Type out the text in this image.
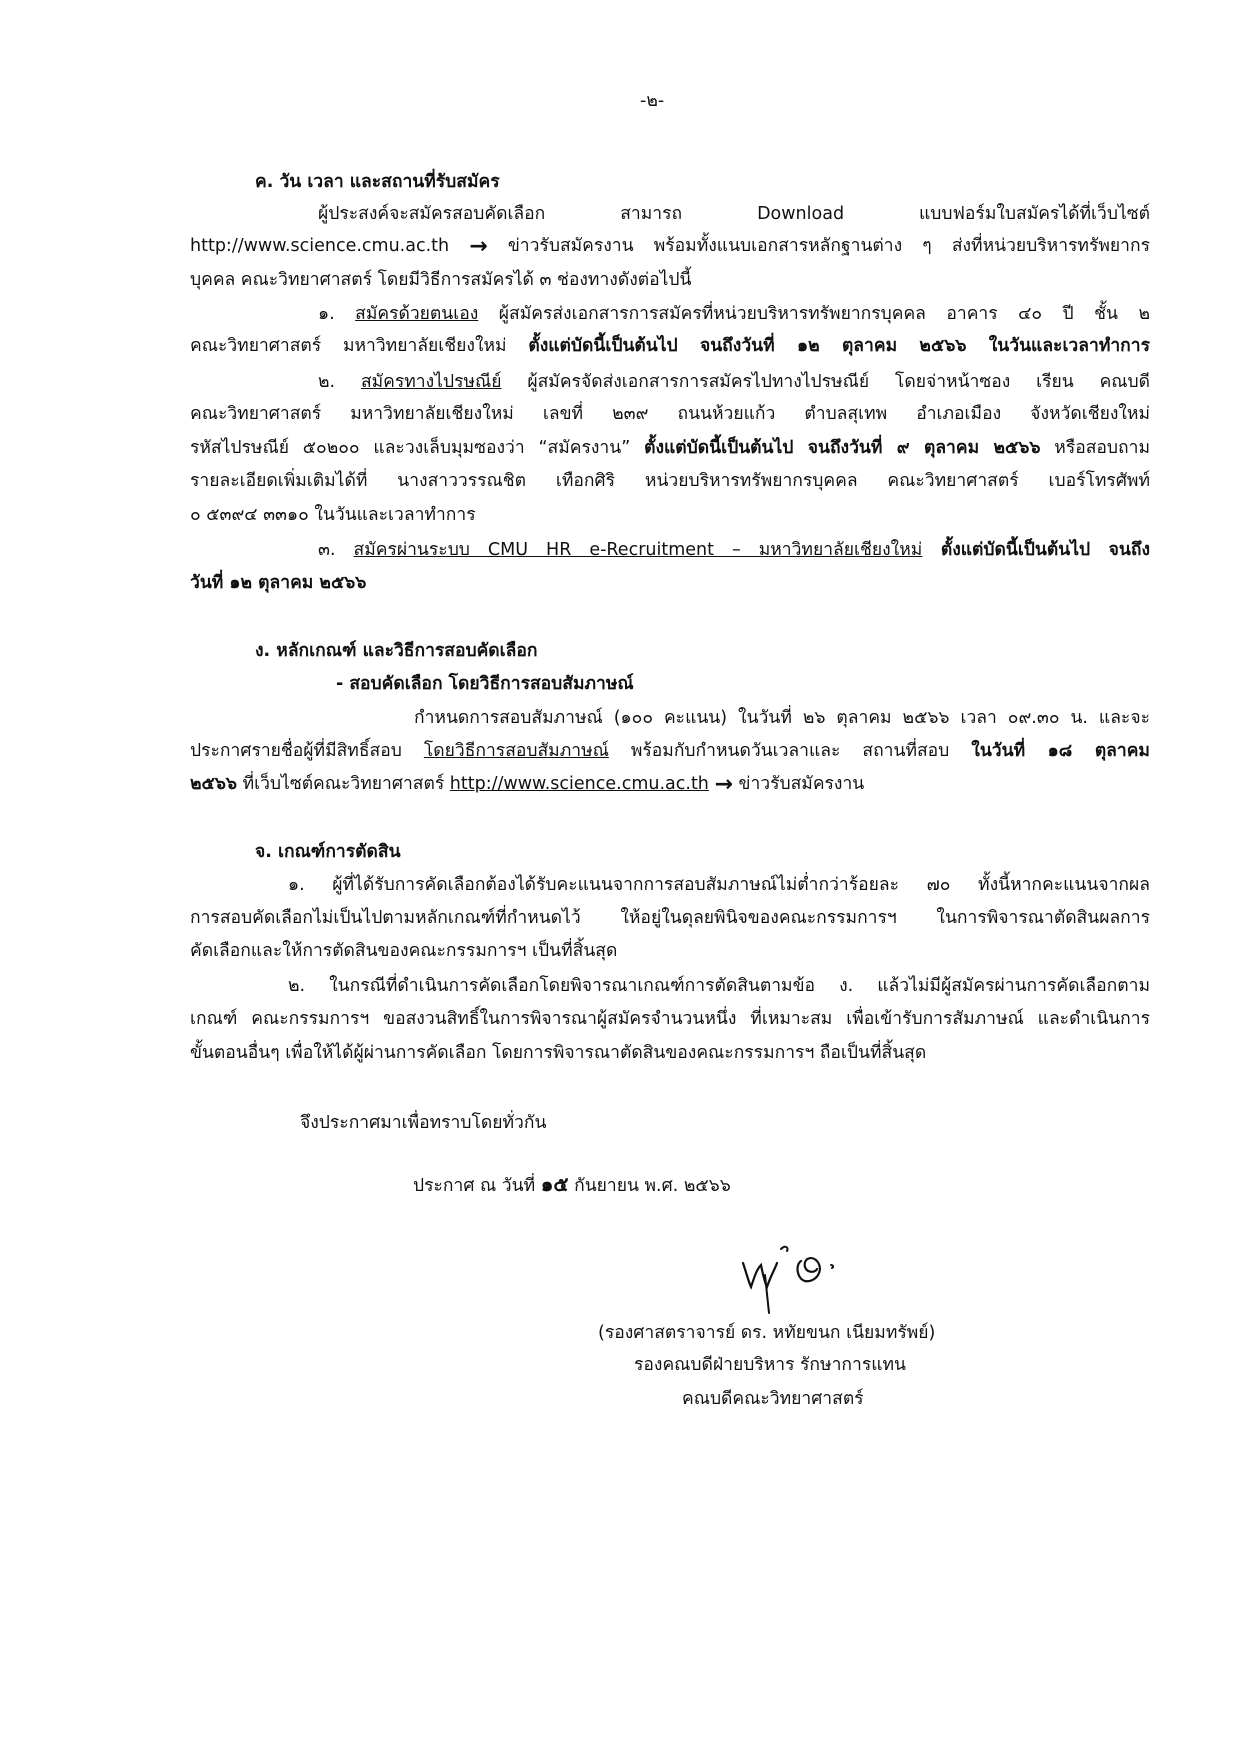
-๒-
ค. วัน เวลา และสถานที่รับสมัคร
ผู้ประสงค์จะสมัครสอบคัดเลือก สามารถ Download แบบฟอร์มใบสมัครได้ที่เว็บไซต์
http://www.science.cmu.ac.th → ข่าวรับสมัครงาน พร้อมทั้งแนบเอกสารหลักฐานต่าง ๆ ส่งที่หน่วยบริหารทรัพยากร
บุคคล คณะวิทยาศาสตร์ โดยมีวิธีการสมัครได้ ๓ ช่องทางดังต่อไปนี้
๑. สมัครด้วยตนเอง ผู้สมัครส่งเอกสารการสมัครที่หน่วยบริหารทรัพยากรบุคคล อาคาร ๔๐ ปี ชั้น ๒
คณะวิทยาศาสตร์ มหาวิทยาลัยเชียงใหม่ ตั้งแต่บัดนี้เป็นต้นไป จนถึงวันที่ ๑๒ ตุลาคม ๒๕๖๖ ในวันและเวลาทำการ
๒. สมัครทางไปรษณีย์ ผู้สมัครจัดส่งเอกสารการสมัครไปทางไปรษณีย์ โดยจ่าหน้าซอง เรียน คณบดี
คณะวิทยาศาสตร์ มหาวิทยาลัยเชียงใหม่ เลขที่ ๒๓๙ ถนนห้วยแก้ว ตำบลสุเทพ อำเภอเมือง จังหวัดเชียงใหม่
รหัสไปรษณีย์ ๕๐๒๐๐ และวงเล็บมุมซองว่า “สมัครงาน” ตั้งแต่บัดนี้เป็นต้นไป จนถึงวันที่ ๙ ตุลาคม ๒๕๖๖ หรือสอบถาม
รายละเอียดเพิ่มเติมได้ที่ นางสาววรรณชิต เทือกศิริ หน่วยบริหารทรัพยากรบุคคล คณะวิทยาศาสตร์ เบอร์โทรศัพท์
๐ ๕๓๙๔ ๓๓๑๐ ในวันและเวลาทำการ
๓. สมัครผ่านระบบ CMU HR e-Recruitment – มหาวิทยาลัยเชียงใหม่ ตั้งแต่บัดนี้เป็นต้นไป จนถึง
วันที่ ๑๒ ตุลาคม ๒๕๖๖
ง. หลักเกณฑ์ และวิธีการสอบคัดเลือก
- สอบคัดเลือก โดยวิธีการสอบสัมภาษณ์
กำหนดการสอบสัมภาษณ์ (๑๐๐ คะแนน) ในวันที่ ๒๖ ตุลาคม ๒๕๖๖ เวลา ๐๙.๓๐ น. และจะ
ประกาศรายชื่อผู้ที่มีสิทธิ์สอบ โดยวิธีการสอบสัมภาษณ์ พร้อมกับกำหนดวันเวลาและ สถานที่สอบ ในวันที่ ๑๘ ตุลาคม
๒๕๖๖ ที่เว็บไซต์คณะวิทยาศาสตร์ http://www.science.cmu.ac.th → ข่าวรับสมัครงาน
จ. เกณฑ์การตัดสิน
๑. ผู้ที่ได้รับการคัดเลือกต้องได้รับคะแนนจากการสอบสัมภาษณ์ไม่ต่ำกว่าร้อยละ ๗๐ ทั้งนี้หากคะแนนจากผล
การสอบคัดเลือกไม่เป็นไปตามหลักเกณฑ์ที่กำหนดไว้ ให้อยู่ในดุลยพินิจของคณะกรรมการฯ ในการพิจารณาตัดสินผลการ
คัดเลือกและให้การตัดสินของคณะกรรมการฯ เป็นที่สิ้นสุด
๒. ในกรณีที่ดำเนินการคัดเลือกโดยพิจารณาเกณฑ์การตัดสินตามข้อ ง. แล้วไม่มีผู้สมัครผ่านการคัดเลือกตาม
เกณฑ์ คณะกรรมการฯ ขอสงวนสิทธิ์ในการพิจารณาผู้สมัครจำนวนหนึ่ง ที่เหมาะสม เพื่อเข้ารับการสัมภาษณ์ และดำเนินการ
ขั้นตอนอื่นๆ เพื่อให้ได้ผู้ผ่านการคัดเลือก โดยการพิจารณาตัดสินของคณะกรรมการฯ ถือเป็นที่สิ้นสุด
จึงประกาศมาเพื่อทราบโดยทั่วกัน
ประกาศ ณ วันที่ ๑๕ กันยายน พ.ศ. ๒๕๖๖
(รองศาสตราจารย์ ดร. หทัยขนก เนียมทรัพย์)
รองคณบดีฝ่ายบริหาร รักษาการแทน
คณบดีคณะวิทยาศาสตร์
